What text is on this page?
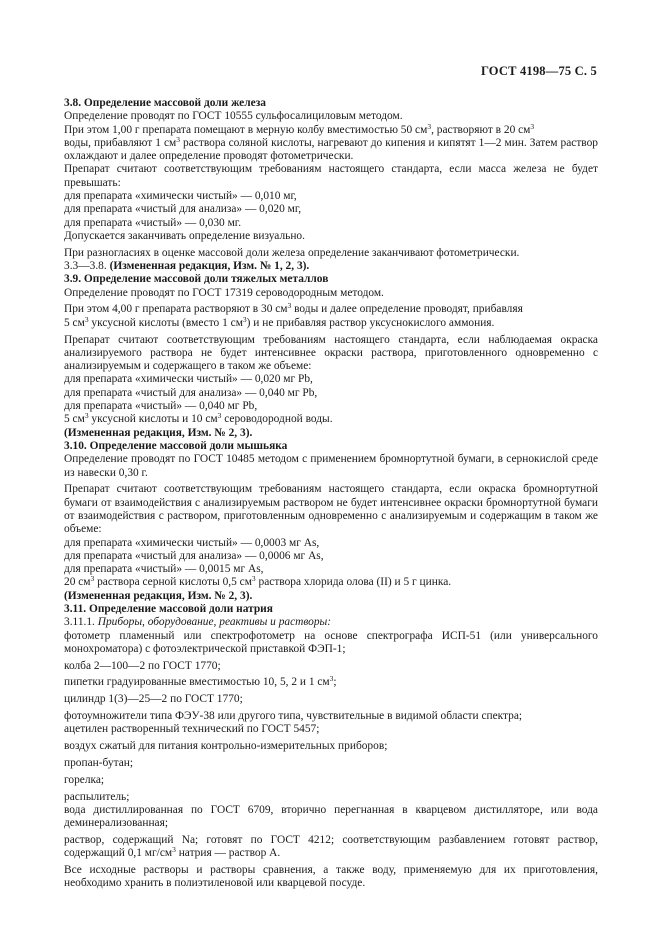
ГОСТ 4198—75 С. 5

3.8. Определение массовой доли железа

Определение проводят по ГОСТ 10555 сульфосалициловым методом.

При этом 1,00 г препарата помещают в мерную колбу вместимостью 50 $см^3$, растворяют в 20 $см^3$
воды, прибавляют 1 $см^3$ раствора соляной кислоты, нагревают до кипения и кипятят 1—2 мин. Затем раствор охлаждают и далее определение проводят фотометрически.

Препарат считают соответствующим требованиям настоящего стандарта, если масса железа не будет превышать:

для препарата «химически чистый» — 0,010 мг,

для препарата «чистый для анализа» — 0,020 мг,

для препарата «чистый» — 0,030 мг.

Допускается заканчивать определение визуально.

При разногласиях в оценке массовой доли железа определение заканчивают фотометрически.

3.3—3.8. (Измененная редакция, Изм. № 1, 2, 3).

3.9. Определение массовой доли тяжелых металлов

Определение проводят по ГОСТ 17319 сероводородным методом.

При этом 4,00 г препарата растворяют в 30 $см^3$ воды и далее определение проводят, прибавляя
5 $см^3$ уксусной кислоты (вместо 1 $см^3$) и не прибавляя раствор уксуснокислого аммония.

Препарат считают соответствующим требованиям настоящего стандарта, если наблюдаемая окраска анализируемого раствора не будет интенсивнее окраски раствора, приготовленного одновременно с анализируемым и содержащего в таком же объеме:

для препарата «химически чистый» — 0,020 мг Pb,

для препарата «чистый для анализа» — 0,040 мг Pb,

для препарата «чистый» — 0,040 мг Pb,

5 $см^3$ уксусной кислоты и 10 $см^3$ сероводородной воды.

(Измененная редакция, Изм. № 2, 3).

3.10. Определение массовой доли мышьяка

Определение проводят по ГОСТ 10485 методом с применением бромнортутной бумаги, в сернокислой среде из навески 0,30 г.

Препарат считают соответствующим требованиям настоящего стандарта, если окраска бромнортутной бумаги от взаимодействия с анализируемым раствором не будет интенсивнее окраски бромнортутной бумаги от взаимодействия с раствором, приготовленным одновременно с анализируемым и содержащим в таком же объеме:

для препарата «химически чистый» — 0,0003 мг As,

для препарата «чистый для анализа» — 0,0006 мг As,

для препарата «чистый» — 0,0015 мг As,

20 $см^3$ раствора серной кислоты 0,5 $см^3$ раствора хлорида олова (II) и 5 г цинка.

(Измененная редакция, Изм. № 2, 3).

3.11. Определение массовой доли натрия

3.11.1. Приборы, оборудование, реактивы и растворы:

фотометр пламенный или спектрофотометр на основе спектрографа ИСП-51 (или универсального монохроматора) с фотоэлектрической приставкой ФЭП-1;

колба 2—100—2 по ГОСТ 1770;

пипетки градуированные вместимостью 10, 5, 2 и 1 $см^3$;

цилиндр 1(3)—25—2 по ГОСТ 1770;

фотоумножители типа ФЭУ-38 или другого типа, чувствительные в видимой области спектра;

ацетилен растворенный технический по ГОСТ 5457;

воздух сжатый для питания контрольно-измерительных приборов;

пропан-бутан;

горелка;

распылитель;

вода дистиллированная по ГОСТ 6709, вторично перегнанная в кварцевом дистилляторе, или вода деминерализованная;

раствор, содержащий Na; готовят по ГОСТ 4212; соответствующим разбавлением готовят раствор, содержащий 0,1 $мг/см^3$ натрия — раствор А.

Все исходные растворы и растворы сравнения, а также воду, применяемую для их приготовления, необходимо хранить в полиэтиленовой или кварцевой посуде.
